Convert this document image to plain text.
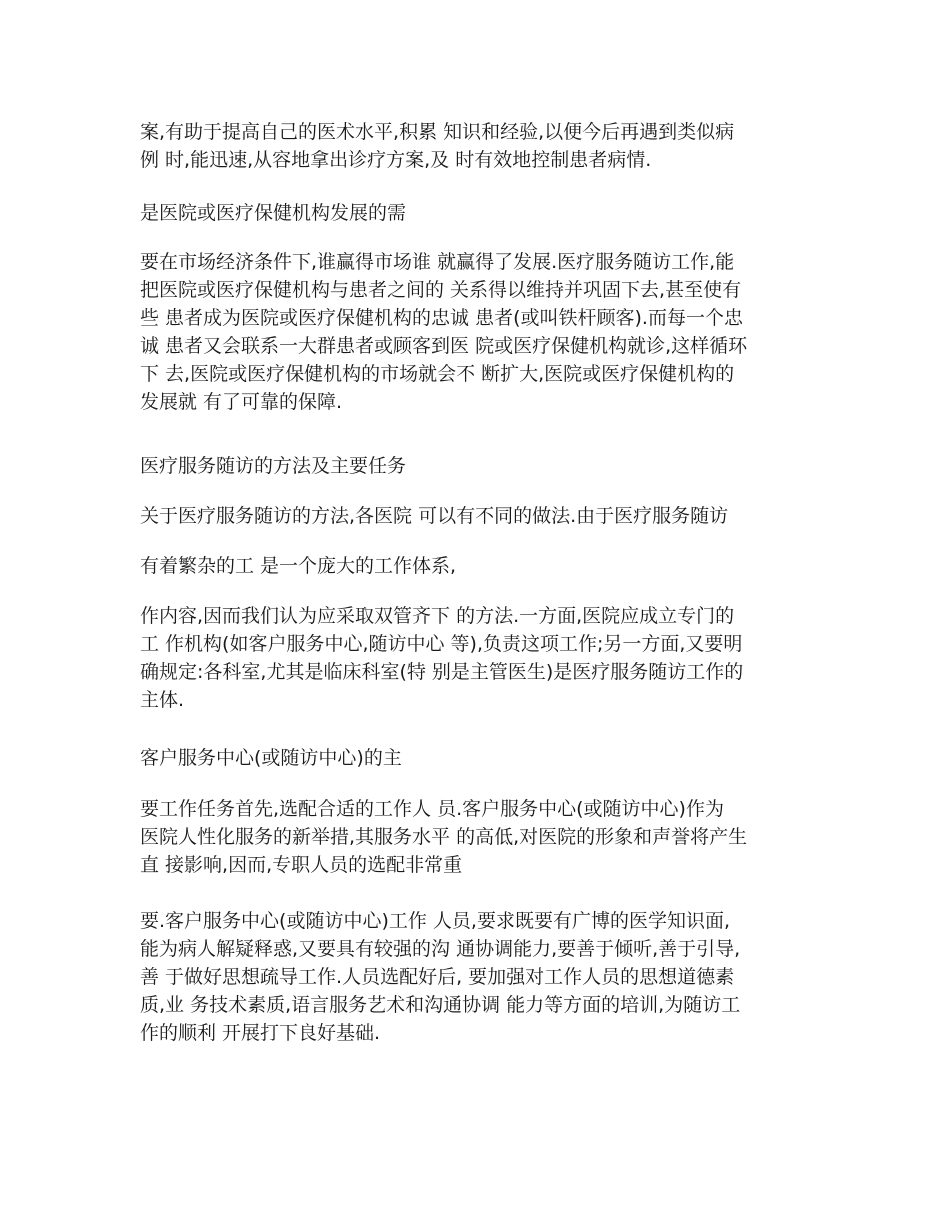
案,有助于提高自己的医术水平,积累 知识和经验,以便今后再遇到类似病
例 时,能迅速,从容地拿出诊疗方案,及 时有效地控制患者病情.

是医院或医疗保健机构发展的需

要在市场经济条件下,谁赢得市场谁 就赢得了发展.医疗服务随访工作,能
把医院或医疗保健机构与患者之间的 关系得以维持并巩固下去,甚至使有
些 患者成为医院或医疗保健机构的忠诚 患者(或叫铁杆顾客).而每一个忠
诚 患者又会联系一大群患者或顾客到医 院或医疗保健机构就诊,这样循环
下 去,医院或医疗保健机构的市场就会不 断扩大,医院或医疗保健机构的
发展就 有了可靠的保障.

医疗服务随访的方法及主要任务

关于医疗服务随访的方法,各医院 可以有不同的做法.由于医疗服务随访

有着繁杂的工 是一个庞大的工作体系,

作内容,因而我们认为应采取双管齐下 的方法.一方面,医院应成立专门的
工 作机构(如客户服务中心,随访中心 等),负责这项工作;另一方面,又要明
确规定:各科室,尤其是临床科室(特 别是主管医生)是医疗服务随访工作的
主体.

客户服务中心(或随访中心)的主

要工作任务首先,选配合适的工作人 员.客户服务中心(或随访中心)作为
医院人性化服务的新举措,其服务水平 的高低,对医院的形象和声誉将产生
直 接影响,因而,专职人员的选配非常重

要.客户服务中心(或随访中心)工作 人员,要求既要有广博的医学知识面,
能为病人解疑释惑,又要具有较强的沟 通协调能力,要善于倾听,善于引导,
善 于做好思想疏导工作.人员选配好后, 要加强对工作人员的思想道德素
质,业 务技术素质,语言服务艺术和沟通协调 能力等方面的培训,为随访工
作的顺利 开展打下良好基础.
